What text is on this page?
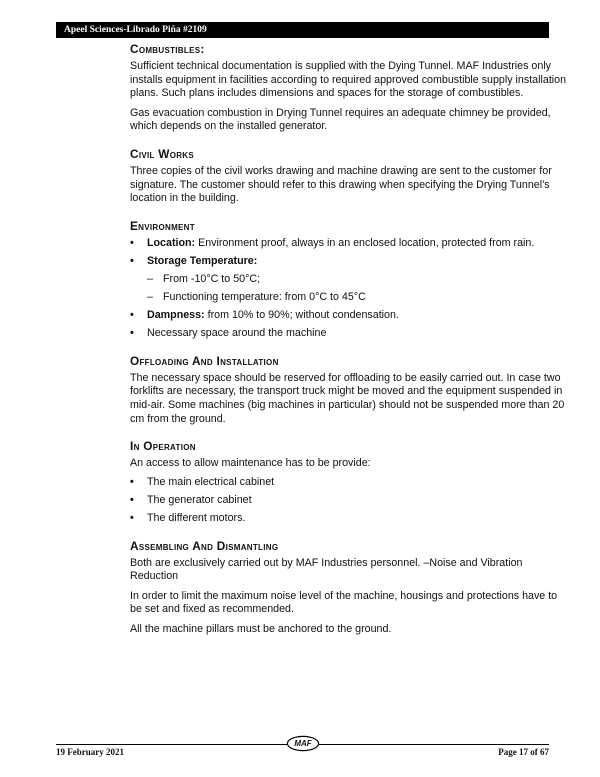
Apeel Sciences-Librado Piña #2109
Combustibles:

Sufficient technical documentation is supplied with the Dying Tunnel. MAF Industries only installs equipment in facilities according to required approved combustible supply installation plans. Such plans includes dimensions and spaces for the storage of combustibles.

Gas evacuation combustion in Drying Tunnel requires an adequate chimney be provided, which depends on the installed generator.

Civil Works

Three copies of the civil works drawing and machine drawing are sent to the customer for signature. The customer should refer to this drawing when specifying the Drying Tunnel’s location in the building.

Environment
• Location: Environment proof, always in an enclosed location, protected from rain.
• Storage Temperature:
– From -10°C to 50°C;
– Functioning temperature: from 0°C to 45°C
• Dampness: from 10% to 90%; without condensation.
• Necessary space around the machine
Offloading And Installation

The necessary space should be reserved for offloading to be easily carried out. In case two forklifts are necessary, the transport truck might be moved and the equipment suspended in mid-air. Some machines (big machines in particular) should not be suspended more than 20 cm from the ground.

In Operation

An access to allow maintenance has to be provide:

• The main electrical cabinet
• The generator cabinet
• The different motors.
Assembling And Dismantling

Both are exclusively carried out by MAF Industries personnel. –Noise and Vibration Reduction

In order to limit the maximum noise level of the machine, housings and protections have to be set and fixed as recommended.

All the machine pillars must be anchored to the ground.

MAF
19 February 2021	Page 17 of 67
